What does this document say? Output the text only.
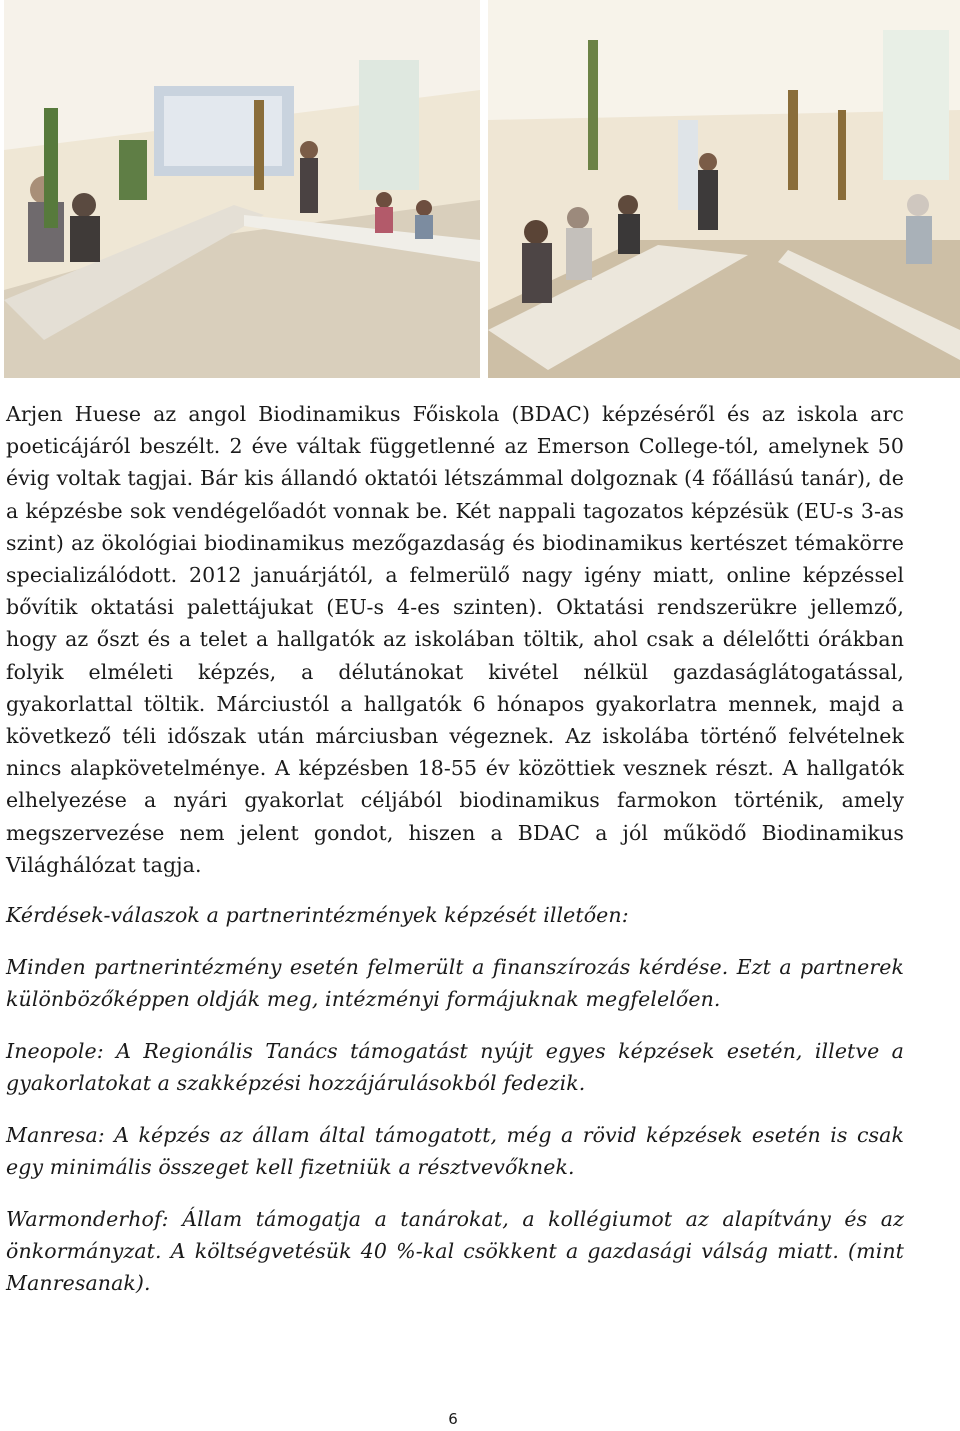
Arjen Huese az angol Biodinamikus Főiskola (BDAC) képzéséről és az iskola arc poeticájáról beszélt. 2 éve váltak függetlenné az Emerson College-tól, amelynek 50 évig voltak tagjai. Bár kis állandó oktatói létszámmal dolgoznak (4 főállású tanár), de a képzésbe sok vendégelőadót vonnak be. Két nappali tagozatos képzésük (EU-s 3-as szint) az ökológiai biodinamikus mezőgazdaság és biodinamikus kertészet témakörre specializálódott. 2012 januárjától, a felmerülő nagy igény miatt, online képzéssel bővítik oktatási palettájukat (EU-s 4-es szinten). Oktatási rendszerükre jellemző, hogy az őszt és a telet a hallgatók az iskolában töltik, ahol csak a délelőtti órákban folyik elméleti képzés, a délutánokat kivétel nélkül gazdaságlátogatással, gyakorlattal töltik. Márciustól a hallgatók 6 hónapos gyakorlatra mennek, majd a következő téli időszak után márciusban végeznek. Az iskolába történő felvételnek nincs alapkövetelménye. A képzésben 18-55 év közöttiek vesznek részt. A hallgatók elhelyezése a nyári gyakorlat céljából biodinamikus farmokon történik, amely megszervezése nem jelent gondot, hiszen a BDAC a jól működő Biodinamikus Világhálózat tagja.

Kérdések-válaszok a partnerintézmények képzését illetően:

Minden partnerintézmény esetén felmerült a finanszírozás kérdése. Ezt a partnerek különbözőképpen oldják meg, intézményi formájuknak megfelelően.

Ineopole: A Regionális Tanács támogatást nyújt egyes képzések esetén, illetve a gyakorlatokat a szakképzési hozzájárulásokból fedezik.

Manresa: A képzés az állam által támogatott, még a rövid képzések esetén is csak egy minimális összeget kell fizetniük a résztvevőknek.

Warmonderhof: Állam támogatja a tanárokat, a kollégiumot az alapítvány és az önkormányzat. A költségvetésük 40 %-kal csökkent a gazdasági válság miatt. (mint Manresanak).

6
